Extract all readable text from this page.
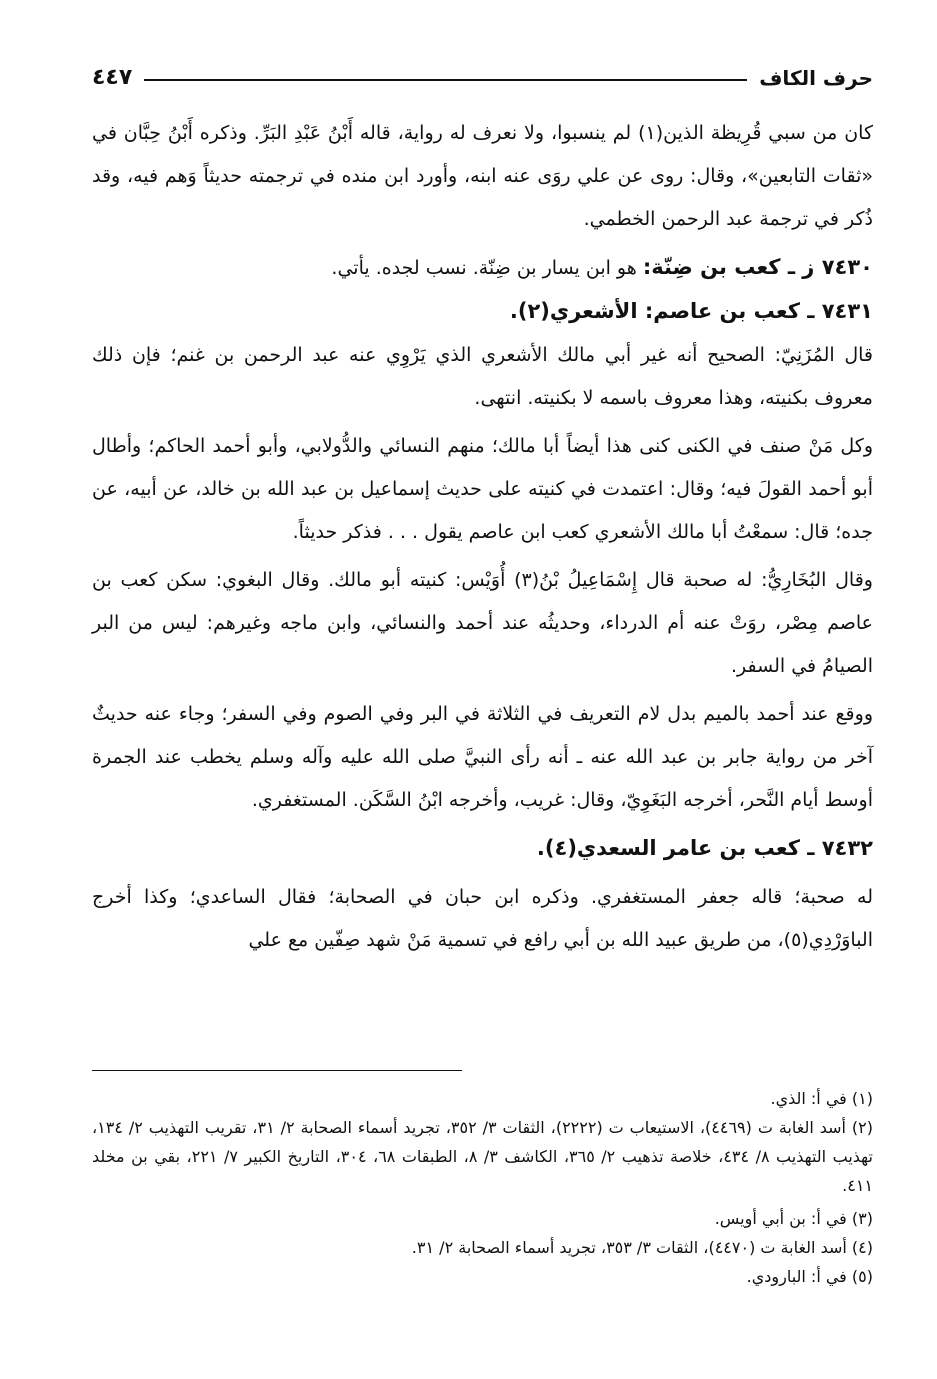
حرف الكاف
٤٤٧

كان من سبي قُرِيظة الذين(١) لم ينسبوا، ولا نعرف له رواية، قاله أَبْنُ عَبْدِ البَرِّ. وذكره أَبْنُ حِبَّان في «ثقات التابعين»، وقال: روى عن علي روَى عنه ابنه، وأورد ابن منده في ترجمته حديثاً وَهم فيه، وقد ذُكر في ترجمة عبد الرحمن الخطمي.

٧٤٣٠ ز ـ كعب بن ضِنّة: هو ابن يسار بن ضِنّة. نسب لجده. يأتي.

٧٤٣١ ـ كعب بن عاصم: الأشعري(٢).

قال المُزَنِيّ: الصحيح أنه غير أبي مالك الأشعري الذي يَرْوِي عنه عبد الرحمن بن غنم؛ فإن ذلك معروف بكنيته، وهذا معروف باسمه لا بكنيته. انتهى.

وكل مَنْ صنف في الكنى كنى هذا أيضاً أبا مالك؛ منهم النسائي والدُّولابي، وأبو أحمد الحاكم؛ وأطال أبو أحمد القولَ فيه؛ وقال: اعتمدت في كنيته على حديث إسماعيل بن عبد الله بن خالد، عن أبيه، عن جده؛ قال: سمعْتُ أبا مالك الأشعري كعب ابن عاصم يقول . . . فذكر حديثاً.

وقال البُخَارِيُّ: له صحبة قال إِسْمَاعِيلُ بْنُ(٣) أُوَيْس: كنيته أبو مالك. وقال البغوي: سكن كعب بن عاصم مِصْر، روَتْ عنه أم الدرداء، وحديثُه عند أحمد والنسائي، وابن ماجه وغيرهم: ليس من البر الصيامُ في السفر.

ووقع عند أحمد بالميم بدل لام التعريف في الثلاثة في البر وفي الصوم وفي السفر؛ وجاء عنه حديثٌ آخر من رواية جابر بن عبد الله عنه ـ أنه رأى النبيَّ صلى الله عليه وآله وسلم يخطب عند الجمرة أوسط أيام النَّحر، أخرجه البَغَوِيّ، وقال: غريب، وأخرجه ابْنُ السَّكَن. المستغفري.

٧٤٣٢ ـ كعب بن عامر السعدي(٤).

له صحبة؛ قاله جعفر المستغفري. وذكره ابن حبان في الصحابة؛ فقال الساعدي؛ وكذا أخرج الباوَرْدِي(٥)، من طريق عبيد الله بن أبي رافع في تسمية مَنْ شهد صِفّين مع علي

(١) في أ: الذي.

(٢) أسد الغابة ت (٤٤٦٩)، الاستيعاب ت (٢٢٢٢)، الثقات ٣/ ٣٥٢، تجريد أسماء الصحابة ٢/ ٣١، تقريب التهذيب ٢/ ١٣٤، تهذيب التهذيب ٨/ ٤٣٤، خلاصة تذهيب ٢/ ٣٦٥، الكاشف ٣/ ٨، الطبقات ٦٨، ٣٠٤، التاريخ الكبير ٧/ ٢٢١، بقي بن مخلد ٤١١.

(٣) في أ: بن أبي أويس.

(٤) أسد الغابة ت (٤٤٧٠)، الثقات ٣/ ٣٥٣، تجريد أسماء الصحابة ٢/ ٣١.

(٥) في أ: البارودي.
